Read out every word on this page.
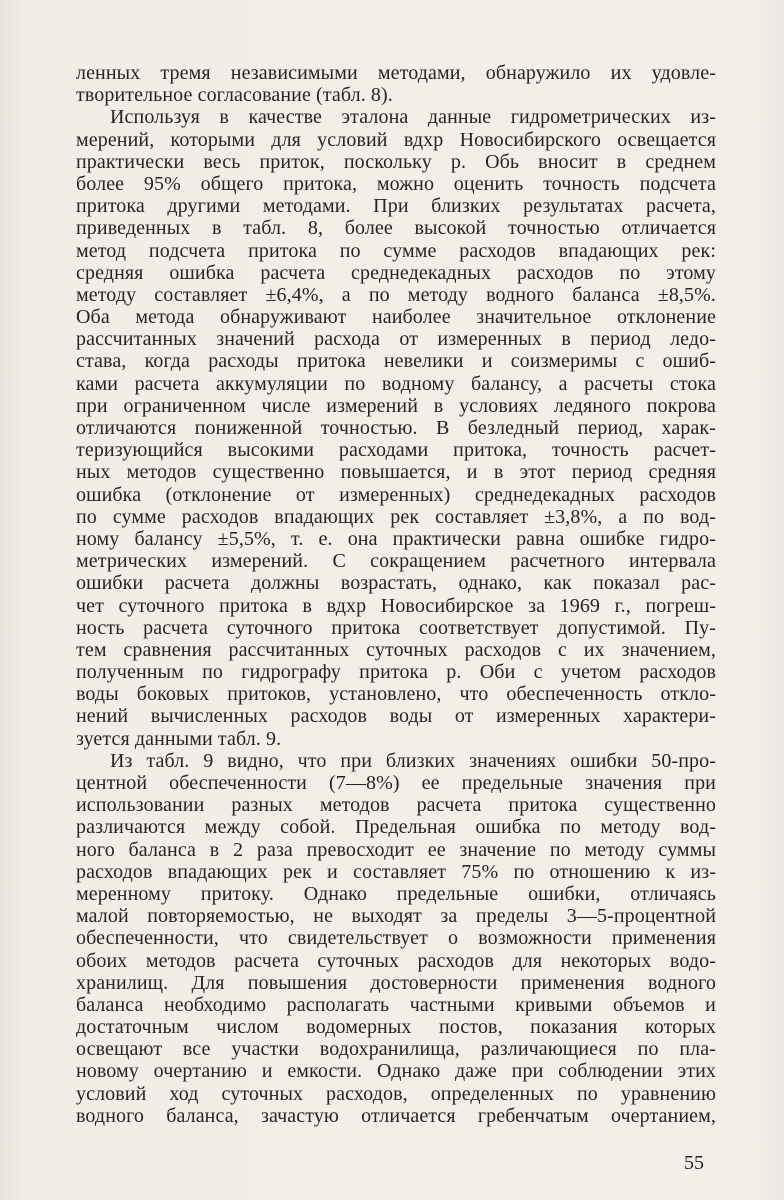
ленных тремя независимыми методами, обнаружило их удовле-
творительное согласование (табл. 8).
Используя в качестве эталона данные гидрометрических из-
мерений, которыми для условий вдхр Новосибирского освещается
практически весь приток, поскольку р. Обь вносит в среднем
более 95% общего притока, можно оценить точность подсчета
притока другими методами. При близких результатах расчета,
приведенных в табл. 8, более высокой точностью отличается
метод подсчета притока по сумме расходов впадающих рек:
средняя ошибка расчета среднедекадных расходов по этому
методу составляет ±6,4%, а по методу водного баланса ±8,5%.
Оба метода обнаруживают наиболее значительное отклонение
рассчитанных значений расхода от измеренных в период ледо-
става, когда расходы притока невелики и соизмеримы с ошиб-
ками расчета аккумуляции по водному балансу, а расчеты стока
при ограниченном числе измерений в условиях ледяного покрова
отличаются пониженной точностью. В безледный период, харак-
теризующийся высокими расходами притока, точность расчет-
ных методов существенно повышается, и в этот период средняя
ошибка (отклонение от измеренных) среднедекадных расходов
по сумме расходов впадающих рек составляет ±3,8%, а по вод-
ному балансу ±5,5%, т. е. она практически равна ошибке гидро-
метрических измерений. С сокращением расчетного интервала
ошибки расчета должны возрастать, однако, как показал рас-
чет суточного притока в вдхр Новосибирское за 1969 г., погреш-
ность расчета суточного притока соответствует допустимой. Пу-
тем сравнения рассчитанных суточных расходов с их значением,
полученным по гидрографу притока р. Оби с учетом расходов
воды боковых притоков, установлено, что обеспеченность откло-
нений вычисленных расходов воды от измеренных характери-
зуется данными табл. 9.
Из табл. 9 видно, что при близких значениях ошибки 50-про-
центной обеспеченности (7—8%) ее предельные значения при
использовании разных методов расчета притока существенно
различаются между собой. Предельная ошибка по методу вод-
ного баланса в 2 раза превосходит ее значение по методу суммы
расходов впадающих рек и составляет 75% по отношению к из-
меренному притоку. Однако предельные ошибки, отличаясь
малой повторяемостью, не выходят за пределы 3—5-процентной
обеспеченности, что свидетельствует о возможности применения
обоих методов расчета суточных расходов для некоторых водо-
хранилищ. Для повышения достоверности применения водного
баланса необходимо располагать частными кривыми объемов и
достаточным числом водомерных постов, показания которых
освещают все участки водохранилища, различающиеся по пла-
новому очертанию и емкости. Однако даже при соблюдении этих
условий ход суточных расходов, определенных по уравнению
водного баланса, зачастую отличается гребенчатым очертанием,
55
